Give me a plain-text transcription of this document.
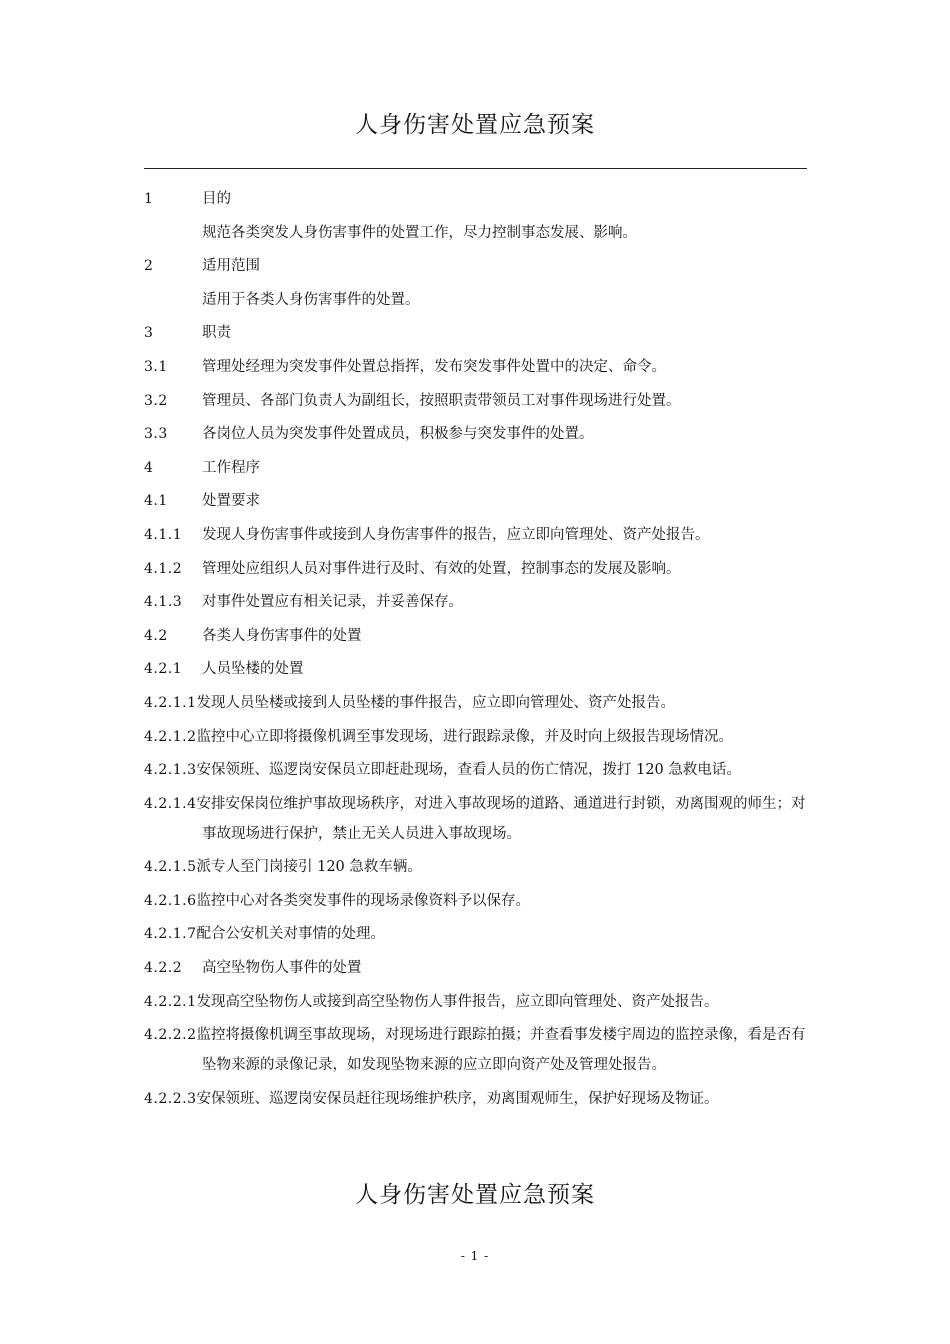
人身伤害处置应急预案
1	目的
规范各类突发人身伤害事件的处置工作，尽力控制事态发展、影响。
2	适用范围
适用于各类人身伤害事件的处置。
3	职责
3.1	管理处经理为突发事件处置总指挥，发布突发事件处置中的决定、命令。
3.2	管理员、各部门负责人为副组长，按照职责带领员工对事件现场进行处置。
3.3	各岗位人员为突发事件处置成员，积极参与突发事件的处置。
4	工作程序
4.1	处置要求
4.1.1	发现人身伤害事件或接到人身伤害事件的报告，应立即向管理处、资产处报告。
4.1.2	管理处应组织人员对事件进行及时、有效的处置，控制事态的发展及影响。
4.1.3	对事件处置应有相关记录，并妥善保存。
4.2	各类人身伤害事件的处置
4.2.1	人员坠楼的处置
4.2.1.1发现人员坠楼或接到人员坠楼的事件报告，应立即向管理处、资产处报告。
4.2.1.2监控中心立即将摄像机调至事发现场，进行跟踪录像，并及时向上级报告现场情况。
4.2.1.3安保领班、巡逻岗安保员立即赶赴现场，查看人员的伤亡情况，拨打 120 急救电话。
4.2.1.4安排安保岗位维护事故现场秩序，对进入事故现场的道路、通道进行封锁，劝离围观的师生；对事故现场进行保护，禁止无关人员进入事故现场。
4.2.1.5派专人至门岗接引 120 急救车辆。
4.2.1.6监控中心对各类突发事件的现场录像资料予以保存。
4.2.1.7配合公安机关对事情的处理。
4.2.2	高空坠物伤人事件的处置
4.2.2.1发现高空坠物伤人或接到高空坠物伤人事件报告，应立即向管理处、资产处报告。
4.2.2.2监控将摄像机调至事故现场，对现场进行跟踪拍摄；并查看事发楼宇周边的监控录像，看是否有坠物来源的录像记录，如发现坠物来源的应立即向资产处及管理处报告。
4.2.2.3安保领班、巡逻岗安保员赶往现场维护秩序，劝离围观师生，保护好现场及物证。
人身伤害处置应急预案
- 1 -
